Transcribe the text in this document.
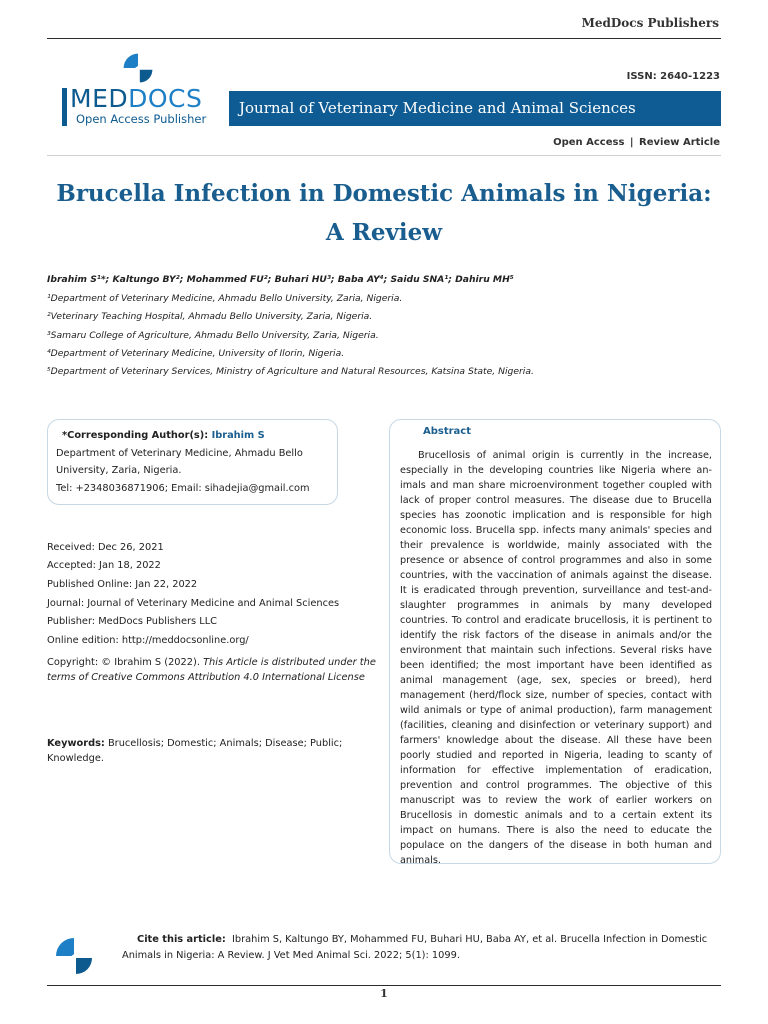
MedDocs Publishers
MEDDOCS
Open Access Publisher
ISSN: 2640-1223
Journal of Veterinary Medicine and Animal Sciences
Open Access | Review Article
Brucella Infection in Domestic Animals in Nigeria:
A Review
Ibrahim S¹*; Kaltungo BY²; Mohammed FU²; Buhari HU³; Baba AY⁴; Saidu SNA¹; Dahiru MH⁵
¹Department of Veterinary Medicine, Ahmadu Bello University, Zaria, Nigeria.
²Veterinary Teaching Hospital, Ahmadu Bello University, Zaria, Nigeria.
³Samaru College of Agriculture, Ahmadu Bello University, Zaria, Nigeria.
⁴Department of Veterinary Medicine, University of Ilorin, Nigeria.
⁵Department of Veterinary Services, Ministry of Agriculture and Natural Resources, Katsina State, Nigeria.
*Corresponding Author(s): Ibrahim S
Department of Veterinary Medicine, Ahmadu Bello
University, Zaria, Nigeria.
Tel: +2348036871906; Email: sihadejia@gmail.com
Received: Dec 26, 2021
Accepted: Jan 18, 2022
Published Online: Jan 22, 2022
Journal: Journal of Veterinary Medicine and Animal Sciences
Publisher: MedDocs Publishers LLC
Online edition: http://meddocsonline.org/
Copyright: © Ibrahim S (2022). This Article is distributed under the terms of Creative Commons Attribution 4.0 International License
Keywords: Brucellosis; Domestic; Animals; Disease; Public; Knowledge.
Abstract
Brucellosis of animal origin is currently in the increase, especially in the developing countries like Nigeria where animals and man share microenvironment together coupled with lack of proper control measures. The disease due to Brucella species has zoonotic implication and is responsible for high economic loss. Brucella spp. infects many animals' species and their prevalence is worldwide, mainly associated with the presence or absence of control programmes and also in some countries, with the vaccination of animals against the disease. It is eradicated through prevention, surveillance and test-and-slaughter programmes in animals by many developed countries. To control and eradicate brucellosis, it is pertinent to identify the risk factors of the disease in animals and/or the environment that maintain such infections. Several risks have been identified; the most important have been identified as animal management (age, sex, species or breed), herd management (herd/flock size, number of species, contact with wild animals or type of animal production), farm management (facilities, cleaning and disinfection or veterinary support) and farmers' knowledge about the disease. All these have been poorly studied and reported in Nigeria, leading to scanty of information for effective implementation of eradication, prevention and control programmes. The objective of this manuscript was to review the work of earlier workers on Brucellosis in domestic animals and to a certain extent its impact on humans. There is also the need to educate the populace on the dangers of the disease in both human and animals.
Cite this article: Ibrahim S, Kaltungo BY, Mohammed FU, Buhari HU, Baba AY, et al. Brucella Infection in Domestic Animals in Nigeria: A Review. J Vet Med Animal Sci. 2022; 5(1): 1099.
1
